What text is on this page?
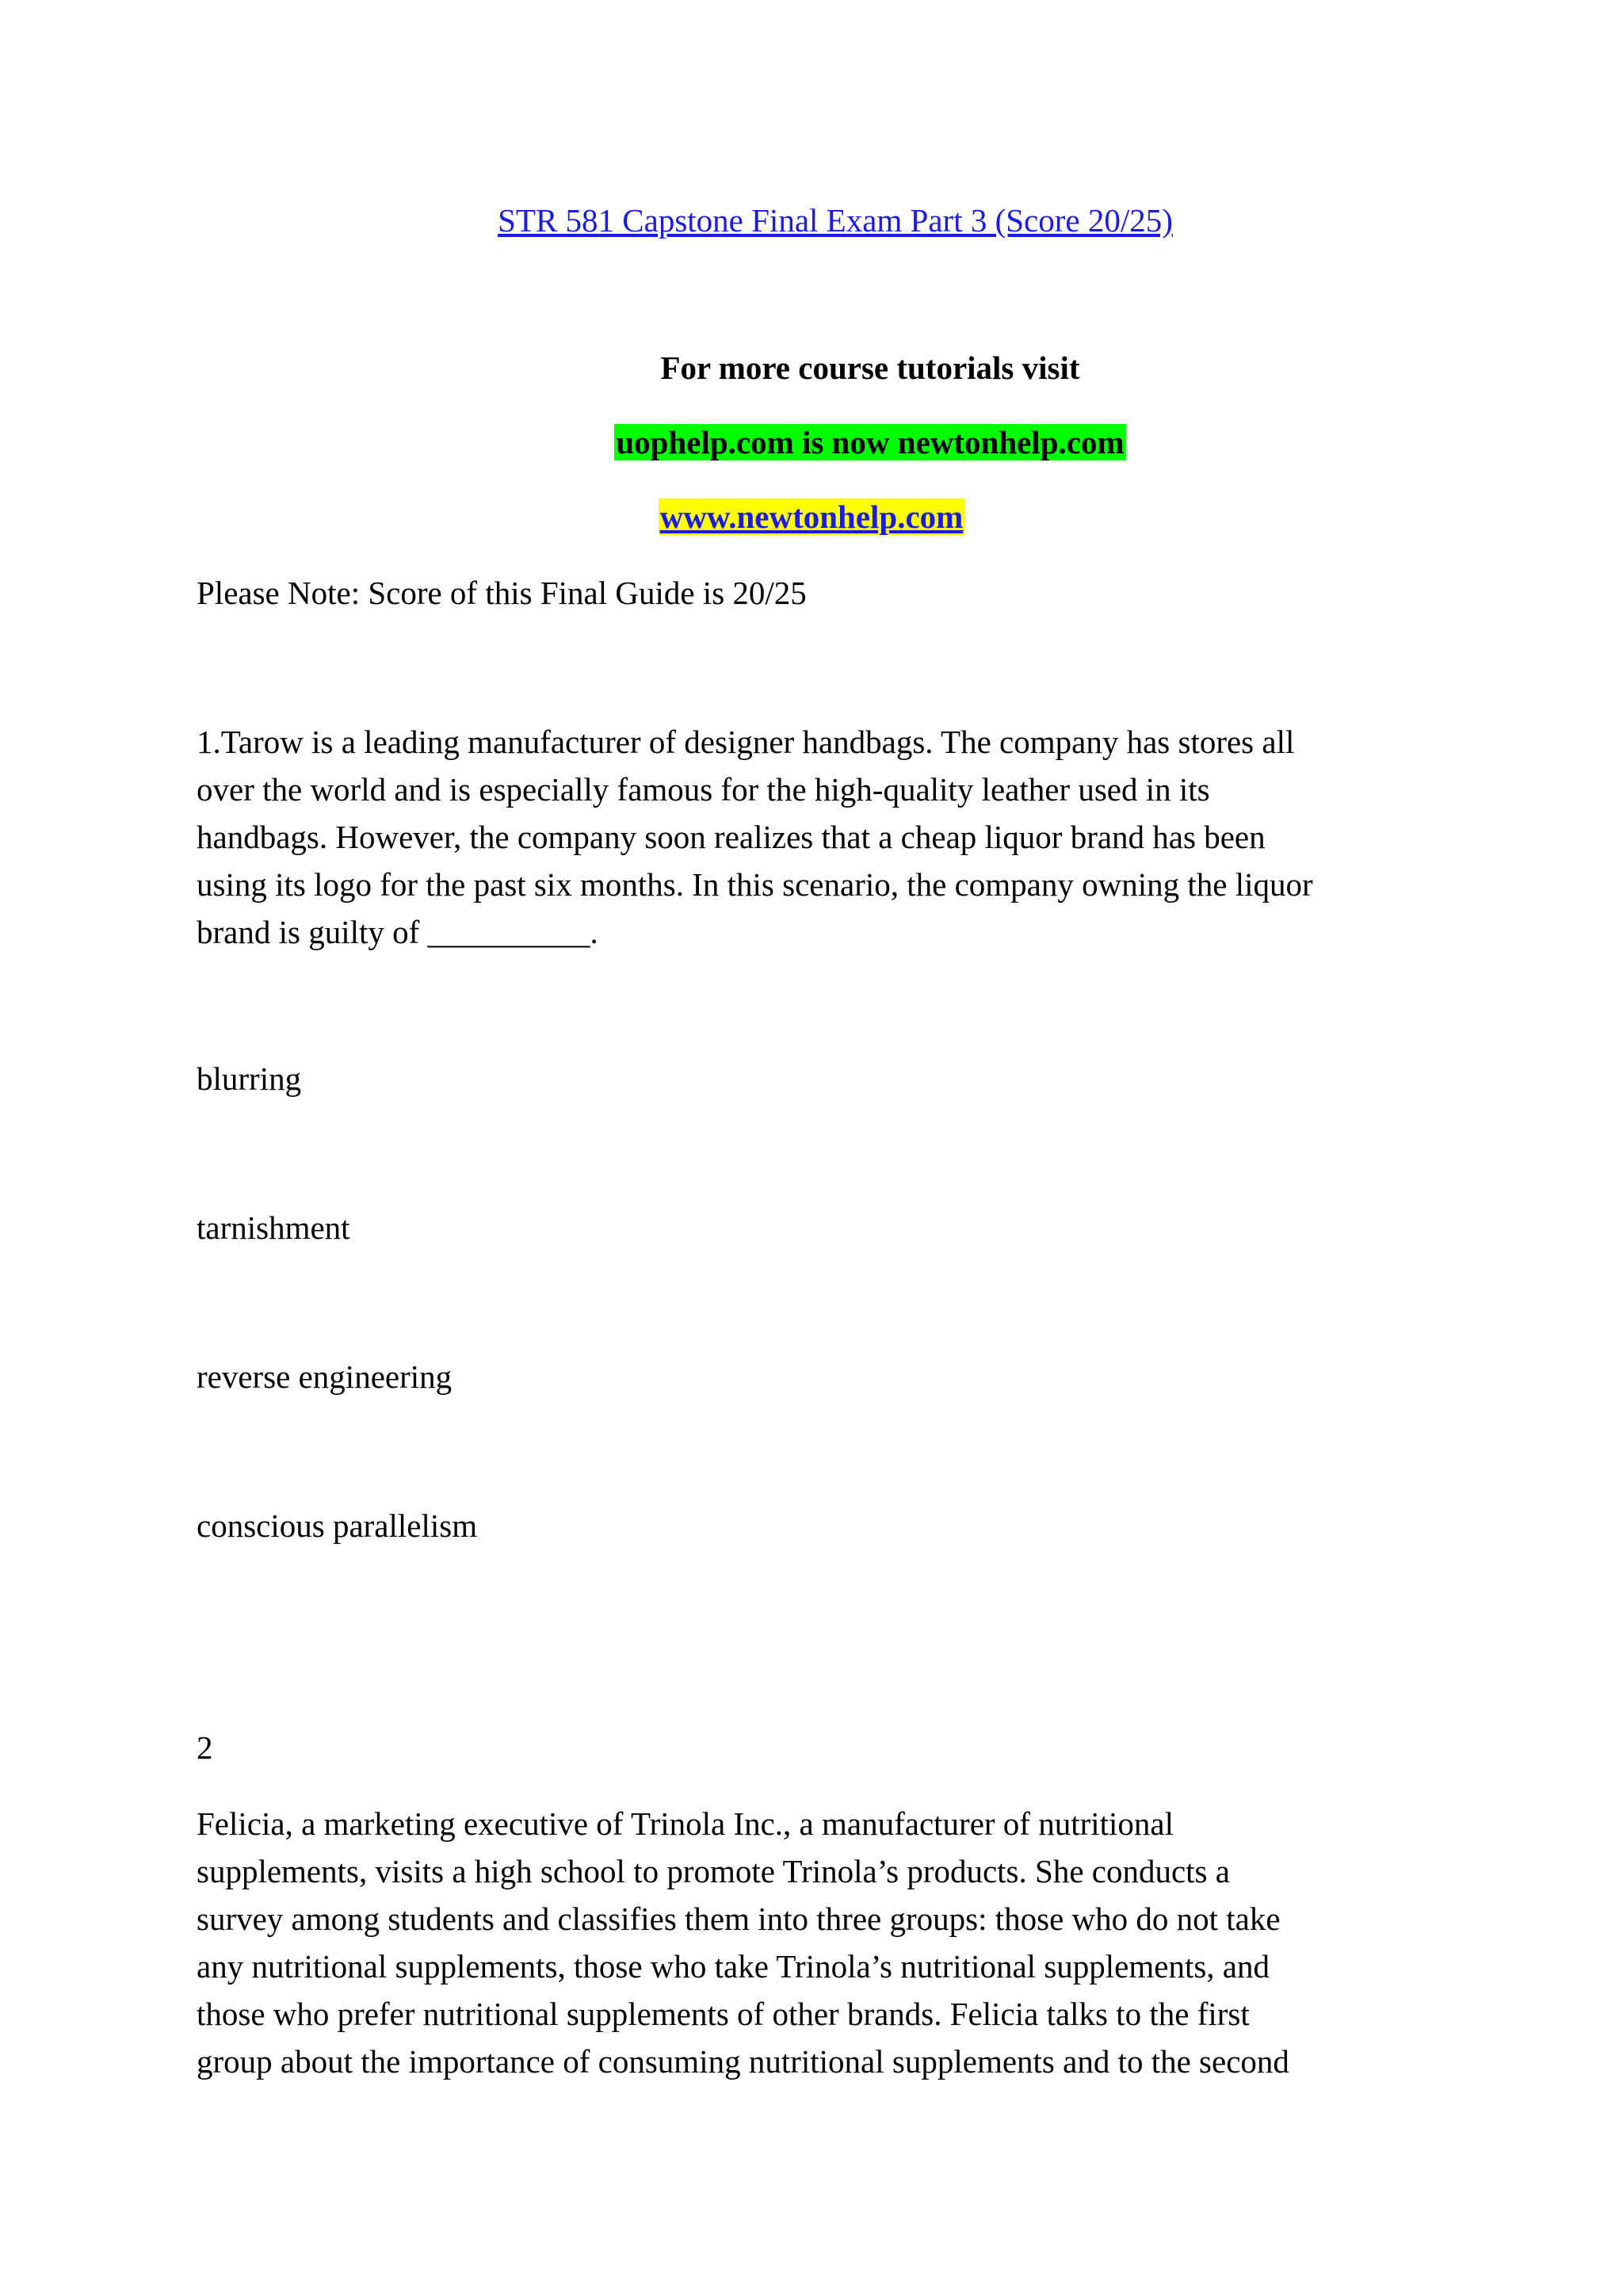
STR 581 Capstone Final Exam Part 3 (Score 20/25)
For more course tutorials visit
uophelp.com is now newtonhelp.com
www.newtonhelp.com
Please Note: Score of this Final Guide is 20/25

1.Tarow is a leading manufacturer of designer handbags. The company has stores all

over the world and is especially famous for the high-quality leather used in its

handbags. However, the company soon realizes that a cheap liquor brand has been

using its logo for the past six months. In this scenario, the company owning the liquor

brand is guilty of __________.

blurring
tarnishment
reverse engineering
conscious parallelism
2

Felicia, a marketing executive of Trinola Inc., a manufacturer of nutritional

supplements, visits a high school to promote Trinola’s products. She conducts a

survey among students and classifies them into three groups: those who do not take

any nutritional supplements, those who take Trinola’s nutritional supplements, and

those who prefer nutritional supplements of other brands. Felicia talks to the first

group about the importance of consuming nutritional supplements and to the second
